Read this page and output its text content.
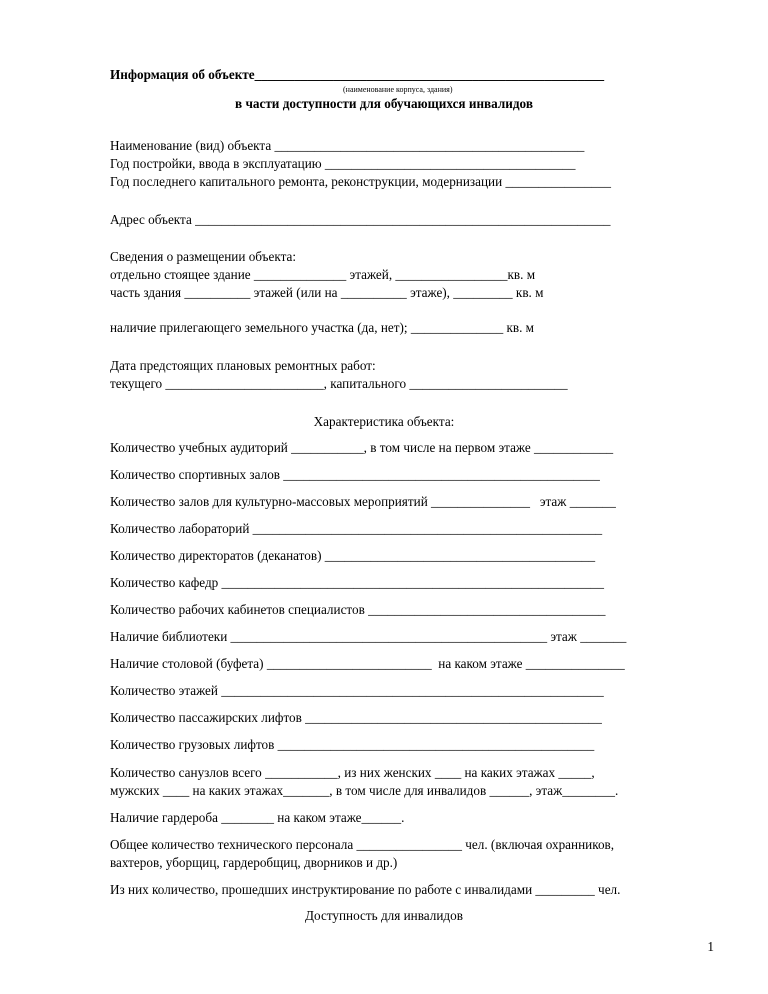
Информация об объекте_____________________________________________________
(наименование корпуса, здания)
в части доступности для обучающихся инвалидов
Наименование (вид) объекта _______________________________________________
Год постройки, ввода в эксплуатацию ______________________________________
Год последнего капитального ремонта, реконструкции, модернизации ________________
Адрес объекта _______________________________________________________________
Сведения о размещении объекта:
отдельно стоящее здание ______________ этажей, _________________кв. м
часть здания __________ этажей (или на __________ этаже), _________ кв. м
наличие прилегающего земельного участка (да, нет); ______________ кв. м
Дата предстоящих плановых ремонтных работ:
текущего ________________________, капитального ________________________
Характеристика объекта:
Количество учебных аудиторий ___________, в том числе на первом этаже ____________
Количество спортивных залов ________________________________________________
Количество залов для культурно-массовых мероприятий _______________   этаж _______
Количество лабораторий _____________________________________________________
Количество директоратов (деканатов) _________________________________________
Количество кафедр __________________________________________________________
Количество рабочих кабинетов специалистов ____________________________________
Наличие библиотеки ________________________________________________ этаж _______
Наличие столовой (буфета) _________________________  на каком этаже _______________
Количество этажей __________________________________________________________
Количество пассажирских лифтов _____________________________________________
Количество грузовых лифтов ________________________________________________
Количество санузлов всего ___________, из них женских ____ на каких этажах _____,
мужских ____ на каких этажах_______, в том числе для инвалидов ______, этаж________.
Наличие гардероба ________ на каком этаже______.
Общее количество технического персонала ________________ чел. (включая охранников,
вахтеров, уборщиц, гардеробщиц, дворников и др.)
Из них количество, прошедших инструктирование по работе с инвалидами _________ чел.
Доступность для инвалидов
1
